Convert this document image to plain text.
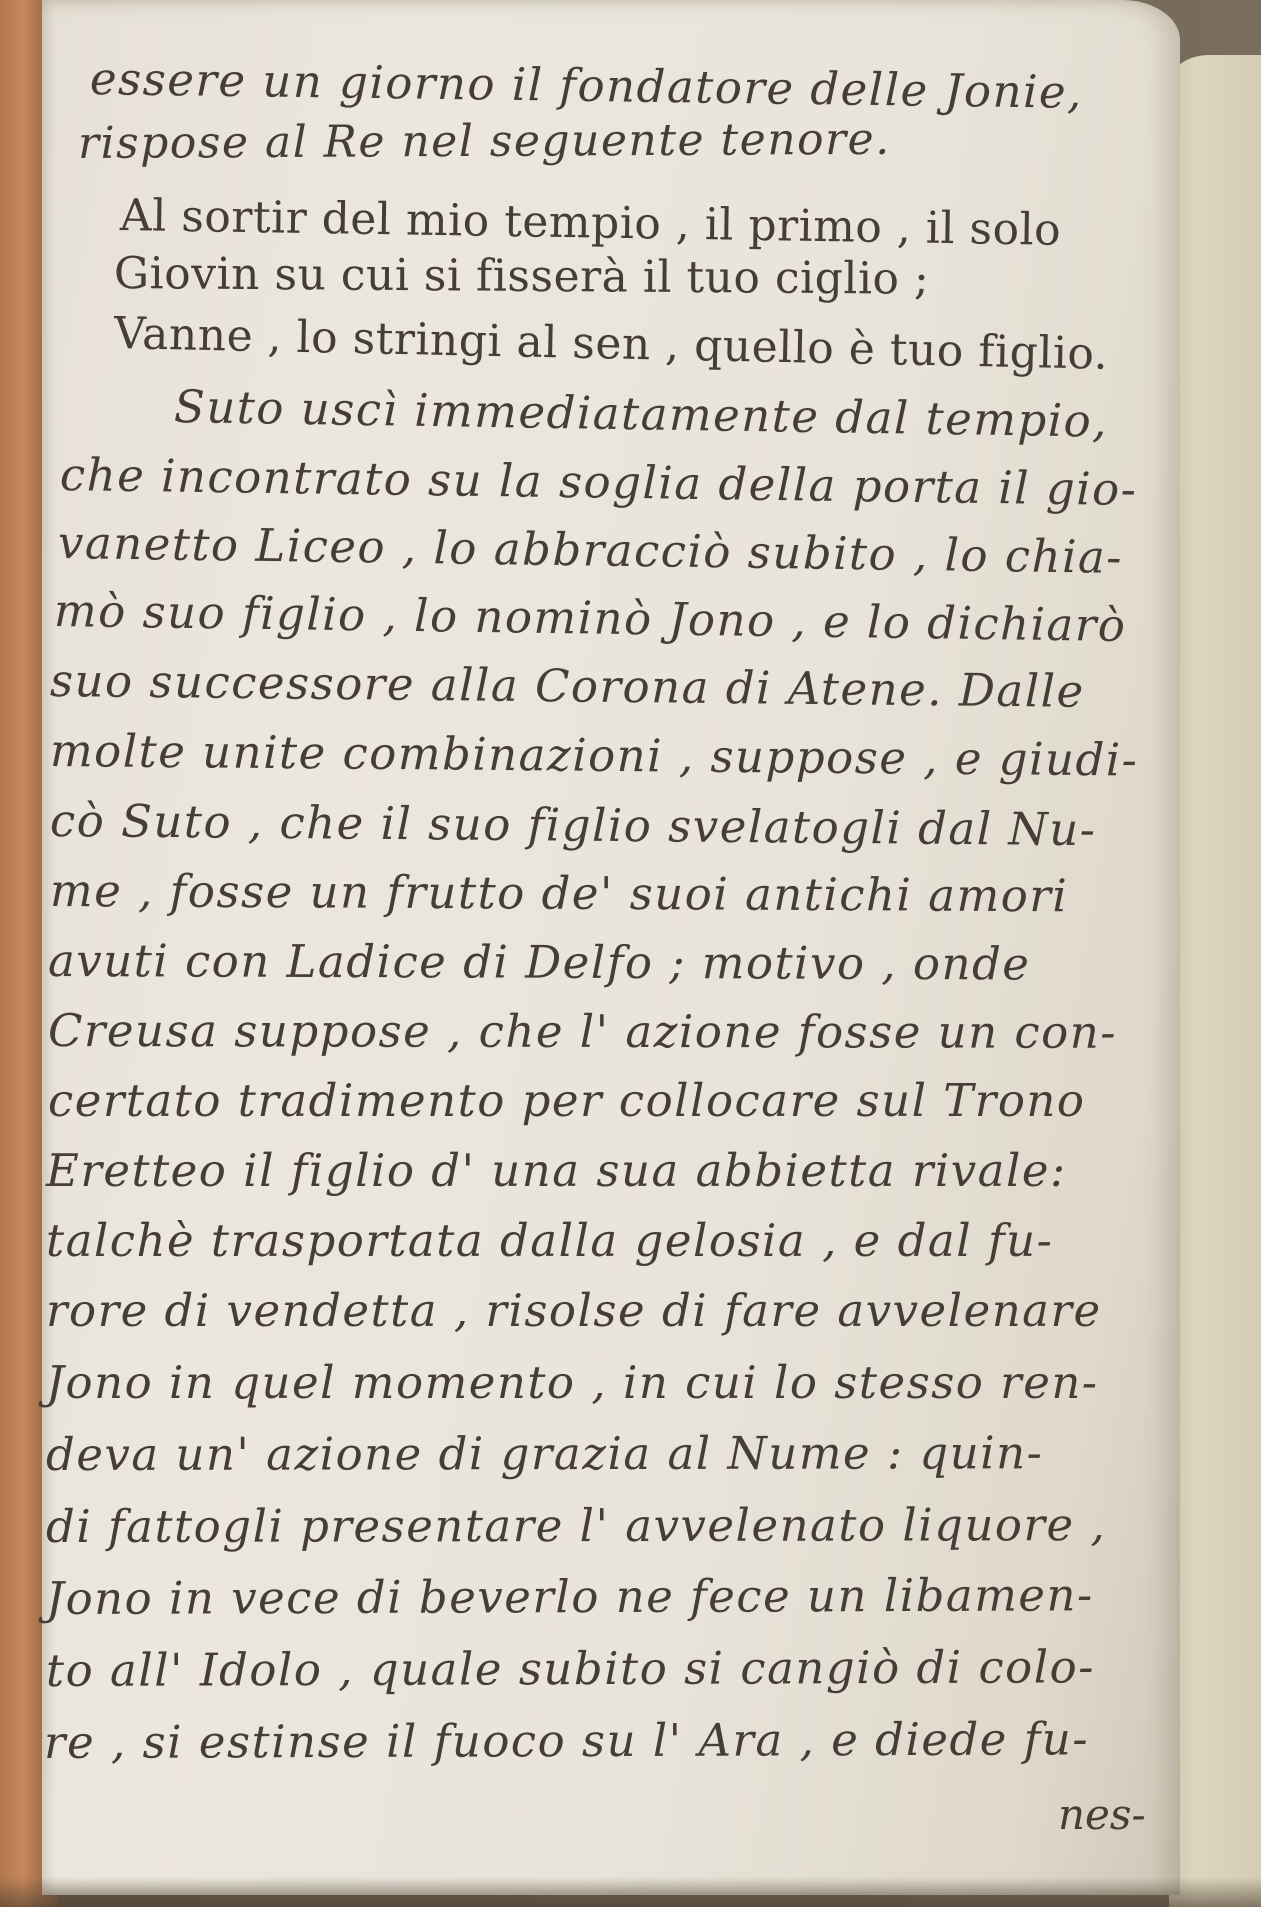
essere un giorno il fondatore delle Jonie,
rispose al Re nel seguente tenore.
Al sortir del mio tempio , il primo , il solo
Giovin su cui si fisserà il tuo ciglio ;
Vanne , lo stringi al sen , quello è tuo figlio.
Suto uscì immediatamente dal tempio,
che incontrato su la soglia della porta il gio-
vanetto Liceo , lo abbracciò subito , lo chia-
mò suo figlio , lo nominò Jono , e lo dichiarò
suo successore alla Corona di Atene. Dalle
molte unite combinazioni , suppose , e giudi-
cò Suto , che il suo figlio svelatogli dal Nu-
me , fosse un frutto de' suoi antichi amori
avuti con Ladice di Delfo ; motivo , onde
Creusa suppose , che l' azione fosse un con-
certato tradimento per collocare sul Trono
Eretteo il figlio d' una sua abbietta rivale:
talchè trasportata dalla gelosia , e dal fu-
rore di vendetta , risolse di fare avvelenare
Jono in quel momento , in cui lo stesso ren-
deva un' azione di grazia al Nume : quin-
di fattogli presentare l' avvelenato liquore ,
Jono in vece di beverlo ne fece un libamen-
to all' Idolo , quale subito si cangiò di colo-
re , si estinse il fuoco su l' Ara , e diede fu-
nes-
